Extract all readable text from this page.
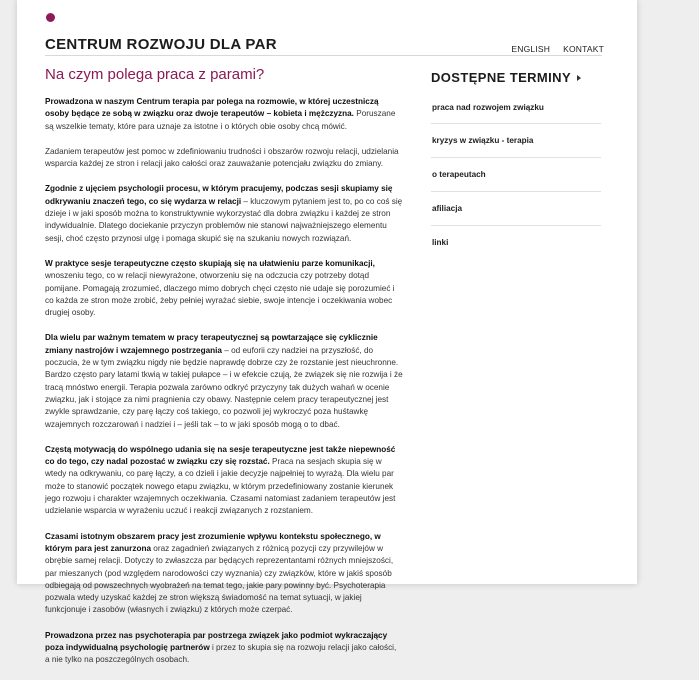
CENTRUM ROZWOJU DLA PAR	ENGLISH KONTAKT
Na czym polega praca z parami?

Prowadzona w naszym Centrum terapia par polega na rozmowie, w której uczestniczą osoby będące ze sobą w związku oraz dwoje terapeutów – kobieta i mężczyzna. Poruszane są wszelkie tematy, które para uznaje za istotne i o których obie osoby chcą mówić.

Zadaniem terapeutów jest pomoc w zdefiniowaniu trudności i obszarów rozwoju relacji, udzielania wsparcia każdej ze stron i relacji jako całości oraz zauważanie potencjału związku do zmiany.

Zgodnie z ujęciem psychologii procesu, w którym pracujemy, podczas sesji skupiamy się odkrywaniu znaczeń tego, co się wydarza w relacji – kluczowym pytaniem jest to, po co coś się dzieje i w jaki sposób można to konstruktywnie wykorzystać dla dobra związku i każdej ze stron indywidualnie. Dlatego dociekanie przyczyn problemów nie stanowi najważniejszego elementu sesji, choć często przynosi ulgę i pomaga skupić się na szukaniu nowych rozwiązań.

W praktyce sesje terapeutyczne często skupiają się na ułatwieniu parze komunikacji, wnoszeniu tego, co w relacji niewyrażone, otworzeniu się na odczucia czy potrzeby dotąd pomijane. Pomagają zrozumieć, dlaczego mimo dobrych chęci często nie udaje się porozumieć i co każda ze stron może zrobić, żeby pełniej wyrażać siebie, swoje intencje i oczekiwania wobec drugiej osoby.

Dla wielu par ważnym tematem w pracy terapeutycznej są powtarzające się cyklicznie zmiany nastrojów i wzajemnego postrzegania – od euforii czy nadziei na przyszłość, do poczucia, że w tym związku nigdy nie będzie naprawdę dobrze czy że rozstanie jest nieuchronne. Bardzo często pary latami tkwią w takiej pułapce – i w efekcie czują, że związek się nie rozwija i że tracą mnóstwo energii. Terapia pozwala zarówno odkryć przyczyny tak dużych wahań w ocenie związku, jak i stojące za nimi pragnienia czy obawy. Następnie celem pracy terapeutycznej jest zwykle sprawdzanie, czy parę łączy coś takiego, co pozwoli jej wykroczyć poza huśtawkę wzajemnych rozczarowań i nadziei i – jeśli tak – to w jaki sposób mogą o to dbać.

Częstą motywacją do wspólnego udania się na sesje terapeutyczne jest także niepewność co do tego, czy nadal pozostać w związku czy się rozstać. Praca na sesjach skupia się w wtedy na odkrywaniu, co parę łączy, a co dzieli i jakie decyzje najpełniej to wyrażą. Dla wielu par może to stanowić początek nowego etapu związku, w którym przedefiniowany zostanie kierunek jego rozwoju i charakter wzajemnych oczekiwania. Czasami natomiast zadaniem terapeutów jest udzielanie wsparcia w wyrażeniu uczuć i reakcji związanych z rozstaniem.

Czasami istotnym obszarem pracy jest zrozumienie wpływu kontekstu społecznego, w którym para jest zanurzona oraz zagadnień związanych z różnicą pozycji czy przywilejów w obrębie samej relacji. Dotyczy to zwłaszcza par będących reprezentantami różnych mniejszości, par mieszanych (pod względem narodowości czy wyznania) czy związków, które w jakiś sposób odbiegają od powszechnych wyobrażeń na temat tego, jakie pary powinny być. Psychoterapia pozwala wtedy uzyskać każdej ze stron większą świadomość na temat sytuacji, w jakiej funkcjonuje i zasobów (własnych i związku) z których może czerpać.

Prowadzona przez nas psychoterapia par postrzega związek jako podmiot wykraczający poza indywidualną psychologię partnerów i przez to skupia się na rozwoju relacji jako całości, a nie tylko na poszczególnych osobach.

DOSTĘPNE TERMINY
praca nad rozwojem związku
kryzys w związku - terapia
o terapeutach
afiliacja
linki
